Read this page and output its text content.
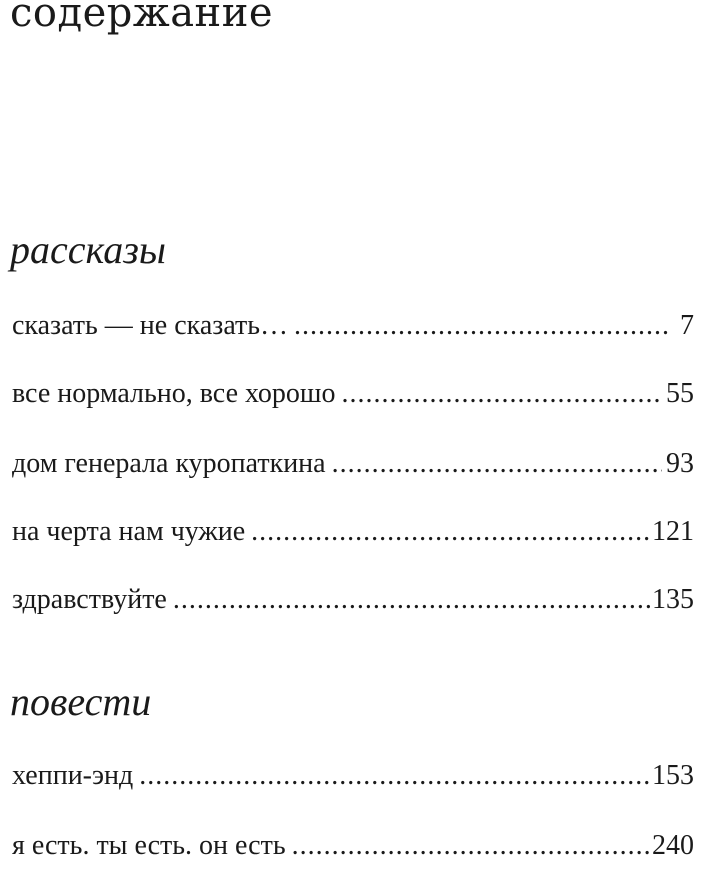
содержание
рассказы
сказать — не сказать… .....	7
все нормально, все хорошо .....	55
дом генерала куропаткина .....	93
на черта нам чужие .....	121
здравствуйте .....	135
повести
хеппи-энд .....	153
я есть. ты есть. он есть .....	240
